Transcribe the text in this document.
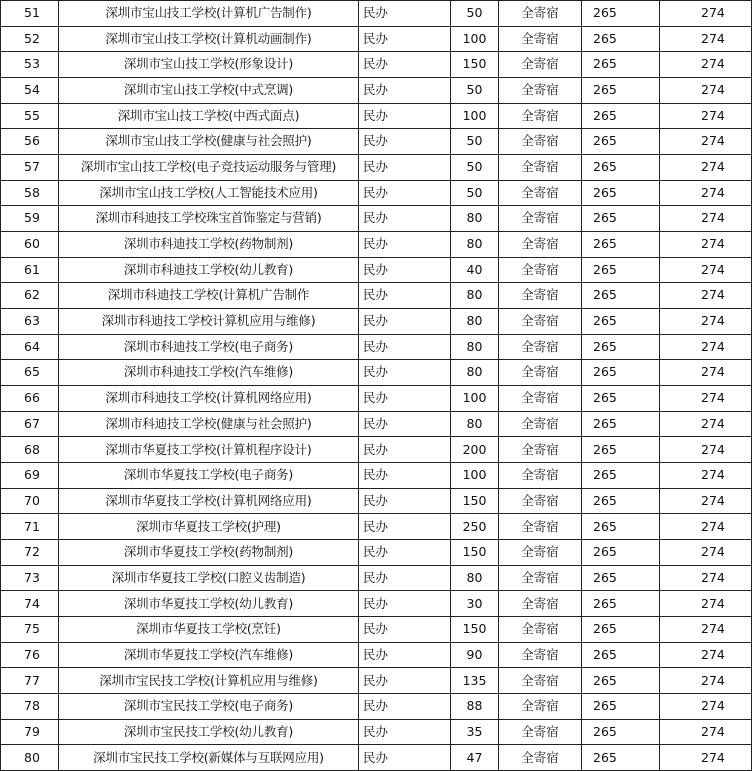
51	深圳市宝山技工学校(计算机广告制作)	民办	50	全寄宿	265	274
52	深圳市宝山技工学校(计算机动画制作)	民办	100	全寄宿	265	274
53	深圳市宝山技工学校(形象设计)	民办	150	全寄宿	265	274
54	深圳市宝山技工学校(中式烹调)	民办	50	全寄宿	265	274
55	深圳市宝山技工学校(中西式面点)	民办	100	全寄宿	265	274
56	深圳市宝山技工学校(健康与社会照护)	民办	50	全寄宿	265	274
57	深圳市宝山技工学校(电子竞技运动服务与管理)	民办	50	全寄宿	265	274
58	深圳市宝山技工学校(人工智能技术应用)	民办	50	全寄宿	265	274
59	深圳市科迪技工学校珠宝首饰鉴定与营销)	民办	80	全寄宿	265	274
60	深圳市科迪技工学校(药物制剂)	民办	80	全寄宿	265	274
61	深圳市科迪技工学校(幼儿教育)	民办	40	全寄宿	265	274
62	深圳市科迪技工学校(计算机广告制作	民办	80	全寄宿	265	274
63	深圳市科迪技工学校计算机应用与维修)	民办	80	全寄宿	265	274
64	深圳市科迪技工学校(电子商务)	民办	80	全寄宿	265	274
65	深圳市科迪技工学校(汽车维修)	民办	80	全寄宿	265	274
66	深圳市科迪技工学校(计算机网络应用)	民办	100	全寄宿	265	274
67	深圳市科迪技工学校(健康与社会照护)	民办	80	全寄宿	265	274
68	深圳市华夏技工学校(计算机程序设计)	民办	200	全寄宿	265	274
69	深圳市华夏技工学校(电子商务)	民办	100	全寄宿	265	274
70	深圳市华夏技工学校(计算机网络应用)	民办	150	全寄宿	265	274
71	深圳市华夏技工学校(护理)	民办	250	全寄宿	265	274
72	深圳市华夏技工学校(药物制剂)	民办	150	全寄宿	265	274
73	深圳市华夏技工学校(口腔义齿制造)	民办	80	全寄宿	265	274
74	深圳市华夏技工学校(幼儿教育)	民办	30	全寄宿	265	274
75	深圳市华夏技工学校(烹饪)	民办	150	全寄宿	265	274
76	深圳市华夏技工学校(汽车维修)	民办	90	全寄宿	265	274
77	深圳市宝民技工学校(计算机应用与维修)	民办	135	全寄宿	265	274
78	深圳市宝民技工学校(电子商务)	民办	88	全寄宿	265	274
79	深圳市宝民技工学校(幼儿教育)	民办	35	全寄宿	265	274
80	深圳市宝民技工学校(新媒体与互联网应用)	民办	47	全寄宿	265	274
